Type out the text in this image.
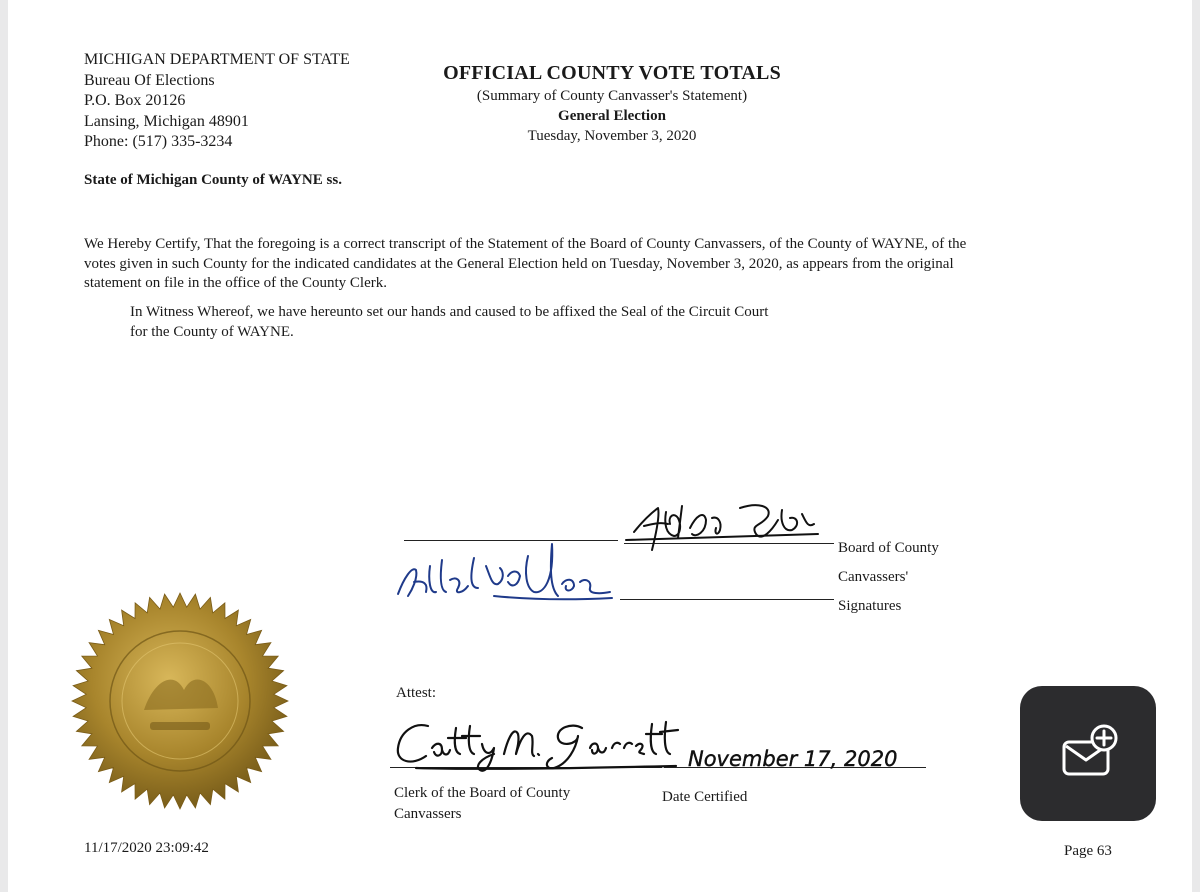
MICHIGAN DEPARTMENT OF STATE
Bureau Of Elections
P.O. Box 20126
Lansing, Michigan 48901
Phone: (517) 335-3234
OFFICIAL COUNTY VOTE TOTALS
(Summary of County Canvasser's Statement)
General Election
Tuesday, November 3, 2020
State of Michigan County of WAYNE ss.
We Hereby Certify, That the foregoing is a correct transcript of the Statement of the Board of County Canvassers, of the County of WAYNE, of the
votes given in such County for the indicated candidates at the General Election held on Tuesday, November 3, 2020, as appears from the original
statement on file in the office of the County Clerk.
In Witness Whereof, we have hereunto set our hands and caused to be affixed the Seal of the Circuit Court
for the County of WAYNE.
Board of County
Canvassers'
Signatures
Attest:
November 17, 2020
Clerk of the Board of County
Canvassers
Date Certified
11/17/2020 23:09:42	Page 63
